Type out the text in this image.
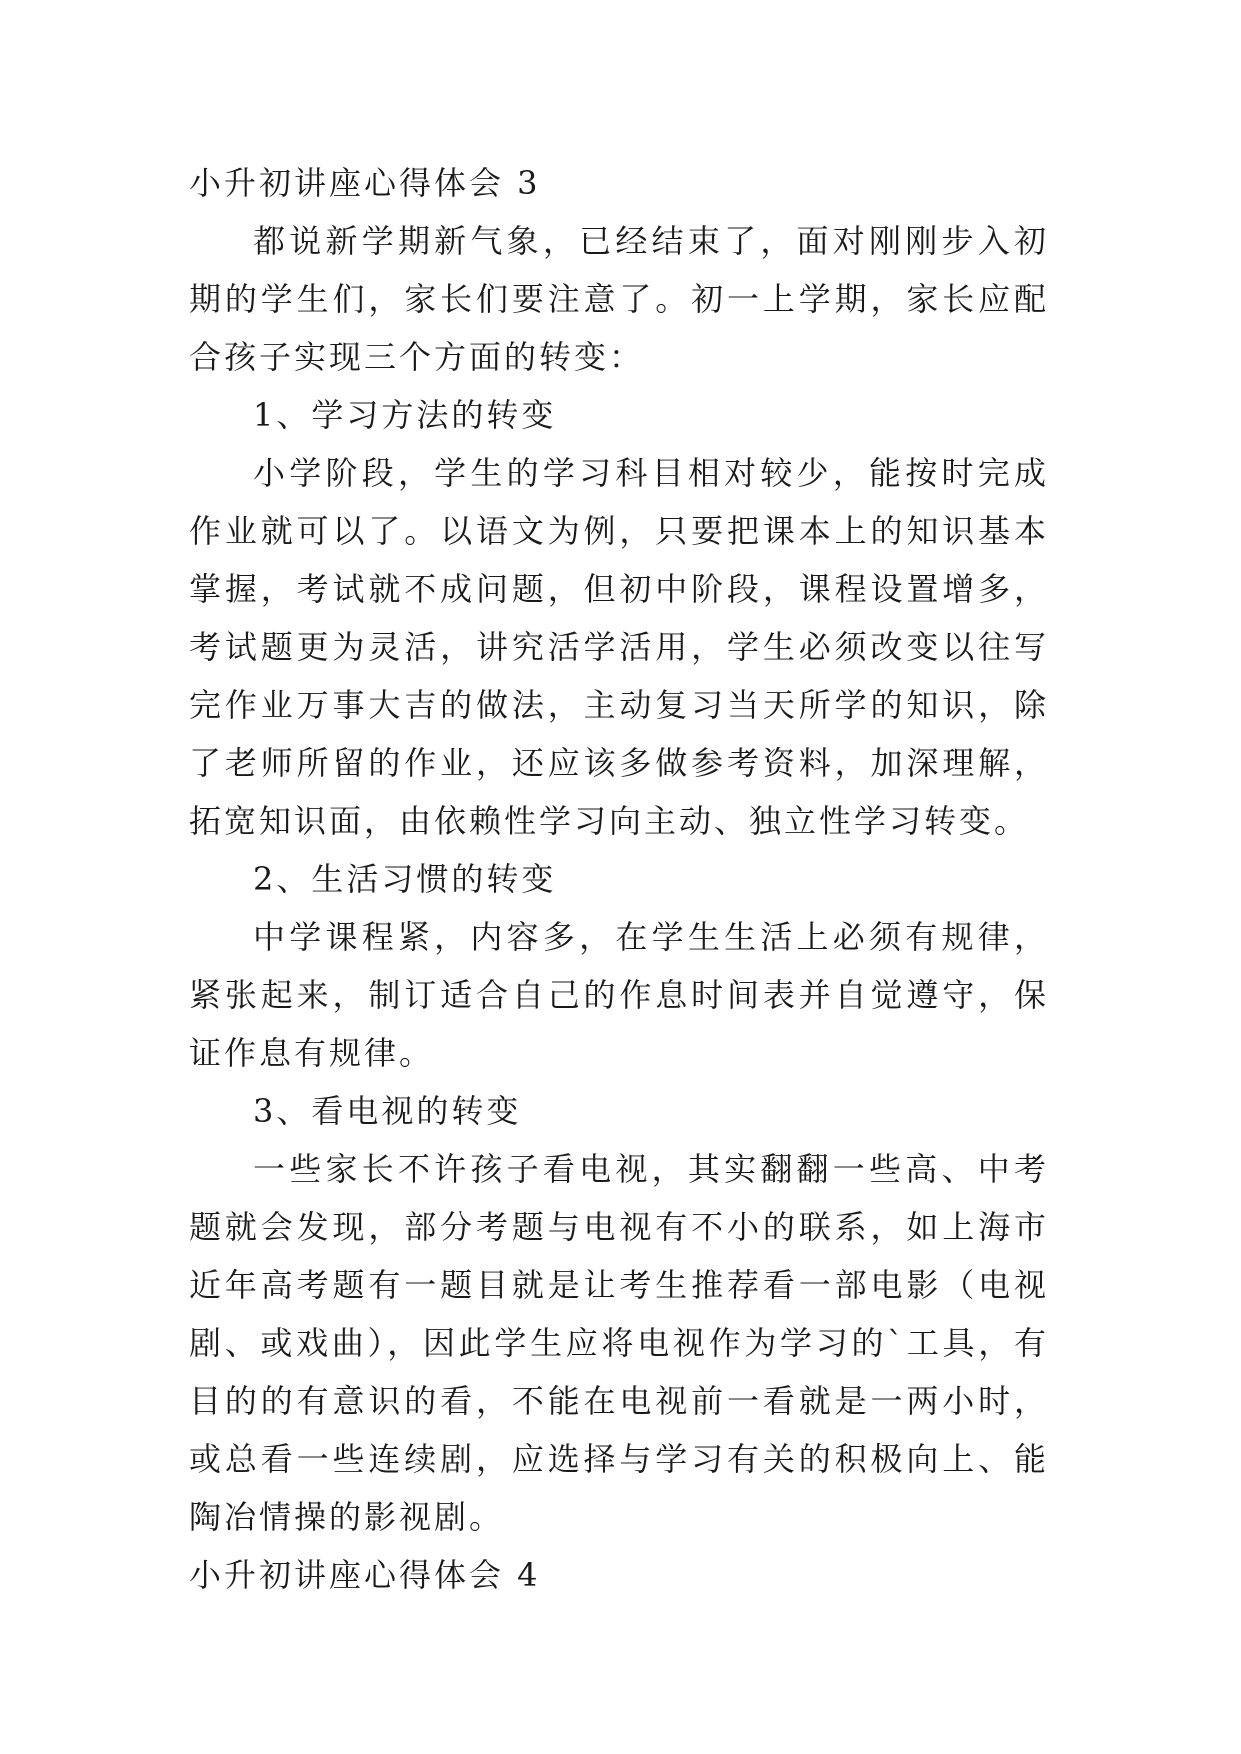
小升初讲座心得体会 3

都说新学期新气象，已经结束了，面对刚刚步入初期的学生们，家长们要注意了。初一上学期，家长应配合孩子实现三个方面的转变：

1、学习方法的转变

小学阶段，学生的学习科目相对较少，能按时完成作业就可以了。以语文为例，只要把课本上的知识基本掌握，考试就不成问题，但初中阶段，课程设置增多，考试题更为灵活，讲究活学活用，学生必须改变以往写完作业万事大吉的做法，主动复习当天所学的知识，除了老师所留的作业，还应该多做参考资料，加深理解，拓宽知识面，由依赖性学习向主动、独立性学习转变。

2、生活习惯的转变

中学课程紧，内容多，在学生生活上必须有规律，紧张起来，制订适合自己的作息时间表并自觉遵守，保证作息有规律。

3、看电视的转变

一些家长不许孩子看电视，其实翻翻一些高、中考题就会发现，部分考题与电视有不小的联系，如上海市近年高考题有一题目就是让考生推荐看一部电影（电视剧、或戏曲），因此学生应将电视作为学习的`工具，有目的的有意识的看，不能在电视前一看就是一两小时，或总看一些连续剧，应选择与学习有关的积极向上、能陶冶情操的影视剧。

小升初讲座心得体会 4
